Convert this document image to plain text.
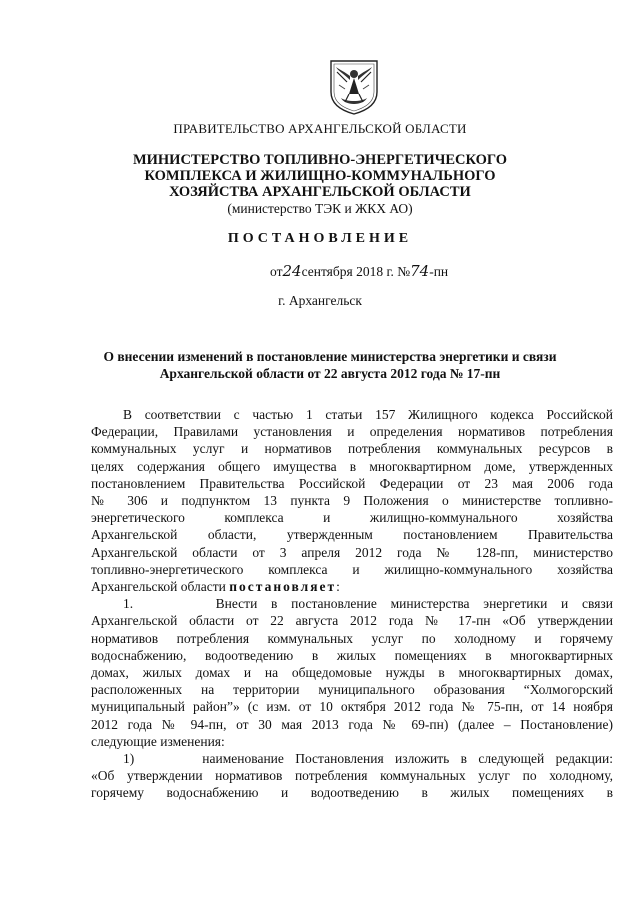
ПРАВИТЕЛЬСТВО АРХАНГЕЛЬСКОЙ ОБЛАСТИ
МИНИСТЕРСТВО ТОПЛИВНО-ЭНЕРГЕТИЧЕСКОГО
КОМПЛЕКСА И ЖИЛИЩНО-КОММУНАЛЬНОГО
ХОЗЯЙСТВА АРХАНГЕЛЬСКОЙ ОБЛАСТИ
(министерство ТЭК и ЖКХ АО)
ПОСТАНОВЛЕНИЕ
от24сентября 2018 г. №74-пн
г. Архангельск
О внесении изменений в постановление министерства энергетики и связи
Архангельской области от 22 августа 2012 года № 17-пн
В соответствии с частью 1 статьи 157 Жилищного кодекса Российской
Федерации, Правилами установления и определения нормативов потребления
коммунальных услуг и нормативов потребления коммунальных ресурсов в
целях содержания общего имущества в многоквартирном доме, утвержденных
постановлением Правительства Российской Федерации от 23 мая 2006 года
№ 306 и подпунктом 13 пункта 9 Положения о министерстве топливно-
энергетического комплекса и жилищно-коммунального хозяйства
Архангельской области, утвержденным постановлением Правительства
Архангельской области от 3 апреля 2012 года № 128-пп, министерство
топливно-энергетического комплекса и жилищно-коммунального хозяйства
Архангельской области постановляет:
1.      Внести в постановление министерства энергетики и связи
Архангельской области от 22 августа 2012 года № 17-пн «Об утверждении
нормативов потребления коммунальных услуг по холодному и горячему
водоснабжению, водоотведению в жилых помещениях в многоквартирных
домах, жилых домах и на общедомовые нужды в многоквартирных домах,
расположенных на территории муниципального образования “Холмогорский
муниципальный район”» (с изм. от 10 октября 2012 года № 75-пн, от 14 ноября
2012 года № 94-пн, от 30 мая 2013 года № 69-пн) (далее – Постановление)
следующие изменения:
1)      наименование Постановления изложить в следующей редакции:
«Об утверждении нормативов потребления коммунальных услуг по холодному,
горячему водоснабжению и водоотведению в жилых помещениях в
